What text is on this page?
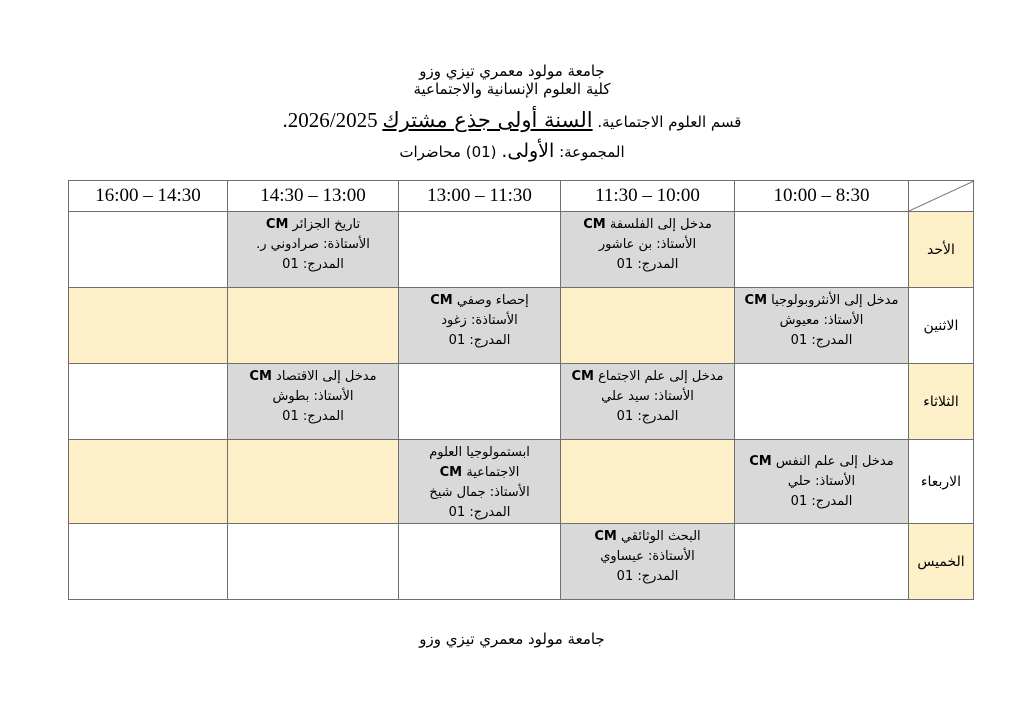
جامعة مولود معمري تيزي وزو
كلية العلوم الإنسانية والاجتماعية
قسم العلوم الاجتماعية. السنة أولى جذع مشترك 2026/2025.
المجموعة: الأولى. (01) محاضرات
16:00 – 14:30	14:30 – 13:00	13:00 – 11:30	11:30 – 10:00	10:00 – 8:30	

	تاريخ الجزائر CM
الأستاذة: صرادوني ر.
المدرج: 01		مدخل إلى الفلسفة CM
الأستاذ: بن عاشور
المدرج: 01		الأحد

		إحصاء وصفي CM
الأستاذة: زغود
المدرج: 01		مدخل إلى الأنثروبولوجيا CM
الأستاذ: معيوش
المدرج: 01	الاثنين

	مدخل إلى الاقتصاد CM
الأستاذ: بطوش
المدرج: 01		مدخل إلى علم الاجتماع CM
الأستاذ: سيد علي
المدرج: 01		الثلاثاء

		ابستمولوجيا العلوم
الاجتماعية CM
الأستاذ: جمال شيخ
المدرج: 01		مدخل إلى علم النفس CM
الأستاذ: حلي
المدرج: 01	الاربعاء

			البحث الوثائقي CM
الأستاذة: عيساوي
المدرج: 01		الخميس
جامعة مولود معمري تيزي وزو
